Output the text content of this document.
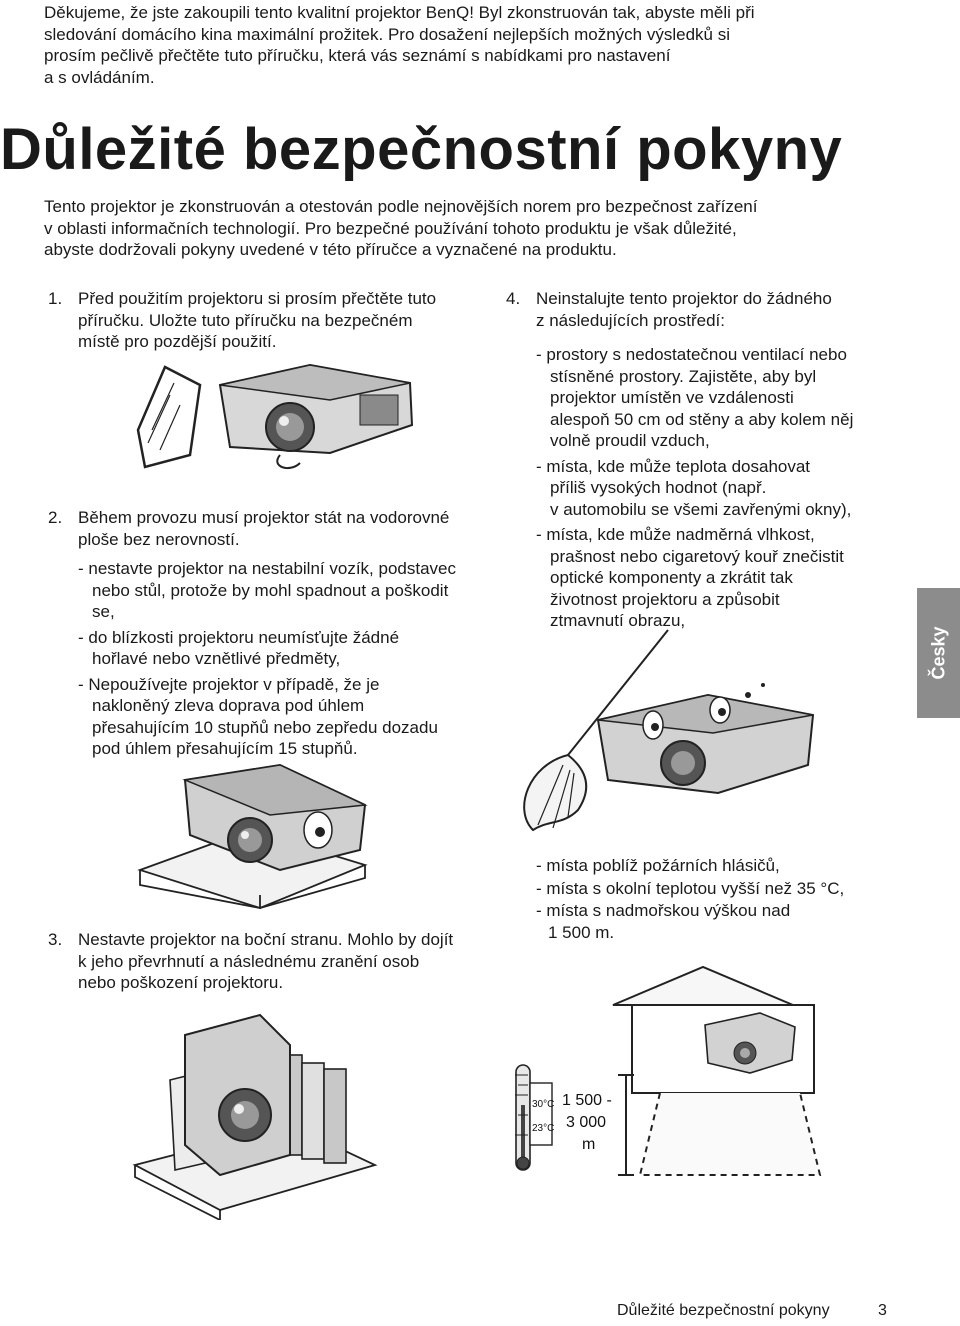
Děkujeme, že jste zakoupili tento kvalitní projektor BenQ! Byl zkonstruován tak, abyste měli při
sledování domácího kina maximální prožitek. Pro dosažení nejlepších možných výsledků si
prosím pečlivě přečtěte tuto příručku, která vás seznámí s nabídkami pro nastavení
a s ovládáním.
Důležité bezpečnostní pokyny
Tento projektor je zkonstruován a otestován podle nejnovějších norem pro bezpečnost zařízení
v oblasti informačních technologií. Pro bezpečné používání tohoto produktu je však důležité,
abyste dodržovali pokyny uvedené v této příručce a vyznačené na produktu.
1. Před použitím projektoru si prosím přečtěte tuto
příručku. Uložte tuto příručku na bezpečném
místě pro pozdější použití.
2. Během provozu musí projektor stát na vodorovné
ploše bez nerovností.
- nestavte projektor na nestabilní vozík, podstavec
nebo stůl, protože by mohl spadnout a poškodit
se,
- do blízkosti projektoru neumísťujte žádné
hořlavé nebo vznětlivé předměty,
- Nepoužívejte projektor v případě, že je
nakloněný zleva doprava pod úhlem
přesahujícím 10 stupňů nebo zepředu dozadu
pod úhlem přesahujícím 15 stupňů.
3. Nestavte projektor na boční stranu. Mohlo by dojít
k jeho převrhnutí a následnému zranění osob
nebo poškození projektoru.
4. Neinstalujte tento projektor do žádného
z následujících prostředí:
- prostory s nedostatečnou ventilací nebo
stísněné prostory. Zajistěte, aby byl
projektor umístěn ve vzdálenosti
alespoň 50 cm od stěny a aby kolem něj
volně proudil vzduch,
- místa, kde může teplota dosahovat
příliš vysokých hodnot (např.
v automobilu se všemi zavřenými okny),
- místa, kde může nadměrná vlhkost,
prašnost nebo cigaretový kouř znečistit
optické komponenty a zkrátit tak
životnost projektoru a způsobit
ztmavnutí obrazu,
- místa poblíž požárních hlásičů,
- místa s okolní teplotou vyšší než 35 °C,
- místa s nadmořskou výškou nad
1 500 m.
30°C
23°C
1 500 -
3 000
m
Česky
Důležité bezpečnostní pokyny	3
